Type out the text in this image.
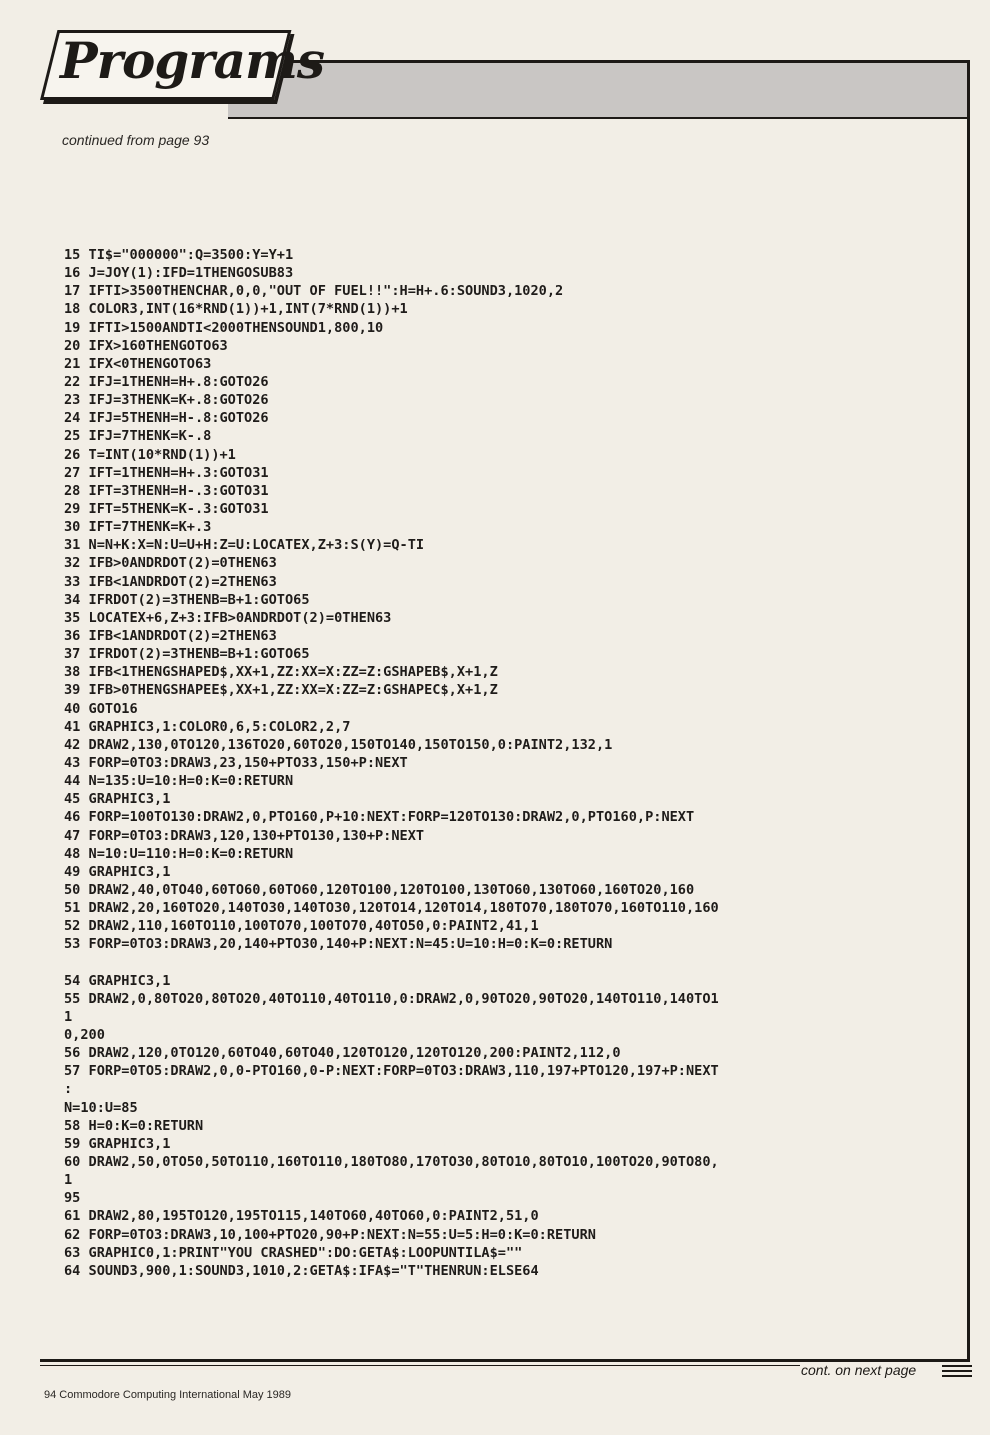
Programs
continued from page 93
15 TI$="000000":Q=3500:Y=Y+1
16 J=JOY(1):IFD=1THENGOSUB83
17 IFTI>3500THENCHAR,0,0,"OUT OF FUEL!!":H=H+.6:SOUND3,1020,2
18 COLOR3,INT(16*RND(1))+1,INT(7*RND(1))+1
19 IFTI>1500ANDTI<2000THENSOUND1,800,10
20 IFX>160THENGOTO63
21 IFX<0THENGOTO63
22 IFJ=1THENH=H+.8:GOTO26
23 IFJ=3THENK=K+.8:GOTO26
24 IFJ=5THENH=H-.8:GOTO26
25 IFJ=7THENK=K-.8
26 T=INT(10*RND(1))+1
27 IFT=1THENH=H+.3:GOTO31
28 IFT=3THENH=H-.3:GOTO31
29 IFT=5THENK=K-.3:GOTO31
30 IFT=7THENK=K+.3
31 N=N+K:X=N:U=U+H:Z=U:LOCATEX,Z+3:S(Y)=Q-TI
32 IFB>0ANDRDOT(2)=0THEN63
33 IFB<1ANDRDOT(2)=2THEN63
34 IFRDOT(2)=3THENB=B+1:GOTO65
35 LOCATEX+6,Z+3:IFB>0ANDRDOT(2)=0THEN63
36 IFB<1ANDRDOT(2)=2THEN63
37 IFRDOT(2)=3THENB=B+1:GOTO65
38 IFB<1THENGSHAPED$,XX+1,ZZ:XX=X:ZZ=Z:GSHAPEB$,X+1,Z
39 IFB>0THENGSHAPEE$,XX+1,ZZ:XX=X:ZZ=Z:GSHAPEC$,X+1,Z
40 GOTO16
41 GRAPHIC3,1:COLOR0,6,5:COLOR2,2,7
42 DRAW2,130,0TO120,136TO20,60TO20,150TO140,150TO150,0:PAINT2,132,1
43 FORP=0TO3:DRAW3,23,150+PTO33,150+P:NEXT
44 N=135:U=10:H=0:K=0:RETURN
45 GRAPHIC3,1
46 FORP=100TO130:DRAW2,0,PTO160,P+10:NEXT:FORP=120TO130:DRAW2,0,PTO160,P:NEXT
47 FORP=0TO3:DRAW3,120,130+PTO130,130+P:NEXT
48 N=10:U=110:H=0:K=0:RETURN
49 GRAPHIC3,1
50 DRAW2,40,0TO40,60TO60,60TO60,120TO100,120TO100,130TO60,130TO60,160TO20,160
51 DRAW2,20,160TO20,140TO30,140TO30,120TO14,120TO14,180TO70,180TO70,160TO110,160
52 DRAW2,110,160TO110,100TO70,100TO70,40TO50,0:PAINT2,41,1
53 FORP=0TO3:DRAW3,20,140+PTO30,140+P:NEXT:N=45:U=10:H=0:K=0:RETURN
54 GRAPHIC3,1
55 DRAW2,0,80TO20,80TO20,40TO110,40TO110,0:DRAW2,0,90TO20,90TO20,140TO110,140TO1
1
0,200
56 DRAW2,120,0TO120,60TO40,60TO40,120TO120,120TO120,200:PAINT2,112,0
57 FORP=0TO5:DRAW2,0,0-PTO160,0-P:NEXT:FORP=0TO3:DRAW3,110,197+PTO120,197+P:NEXT
:
N=10:U=85
58 H=0:K=0:RETURN
59 GRAPHIC3,1
60 DRAW2,50,0TO50,50TO110,160TO110,180TO80,170TO30,80TO10,80TO10,100TO20,90TO80,
1
95
61 DRAW2,80,195TO120,195TO115,140TO60,40TO60,0:PAINT2,51,0
62 FORP=0TO3:DRAW3,10,100+PTO20,90+P:NEXT:N=55:U=5:H=0:K=0:RETURN
63 GRAPHIC0,1:PRINT"YOU CRASHED":DO:GETA$:LOOPUNTILA$=""
64 SOUND3,900,1:SOUND3,1010,2:GETA$:IFA$="T"THENRUN:ELSE64
cont. on next page
94 Commodore Computing International May 1989
